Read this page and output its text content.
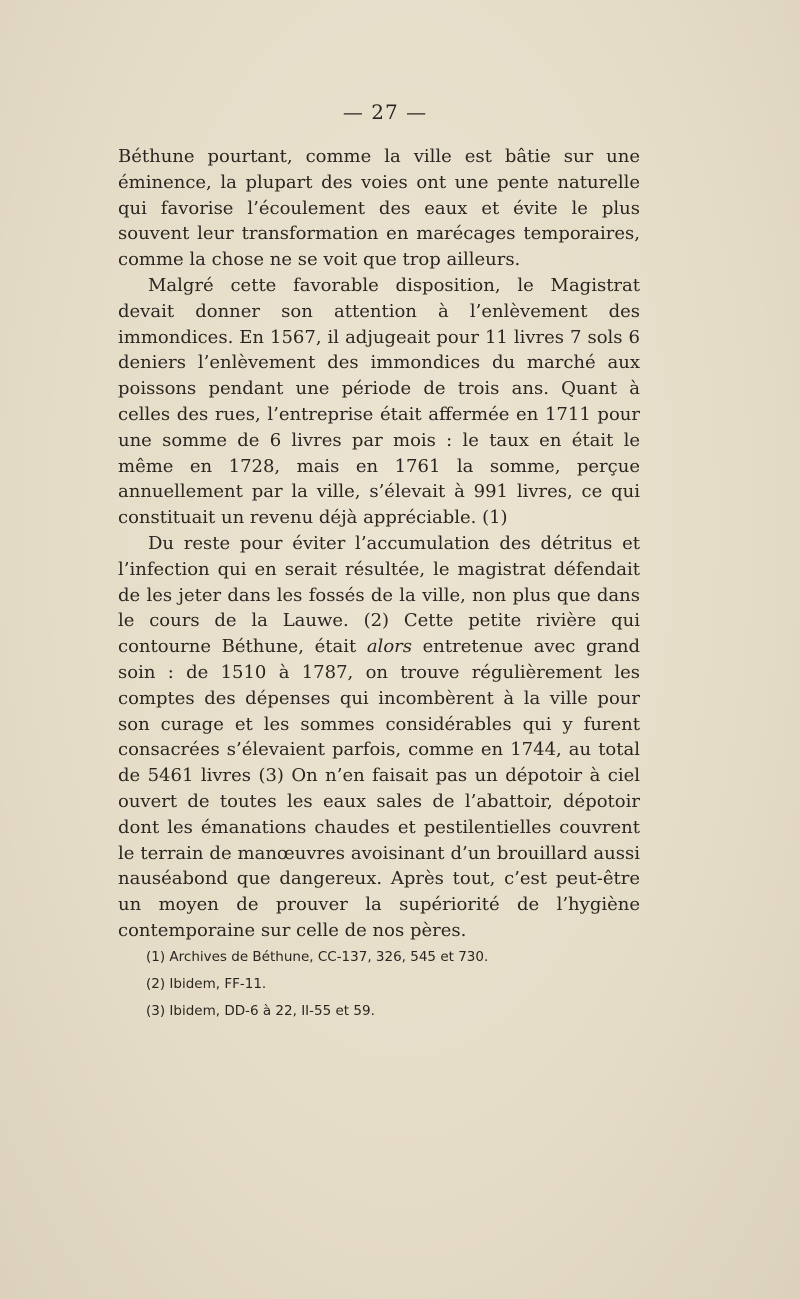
— 27 —

Béthune pourtant, comme la ville est bâtie sur une éminence, la plupart des voies ont une pente naturelle qui favorise l’écoulement des eaux et évite le plus souvent leur transformation en marécages temporaires, comme la chose ne se voit que trop ailleurs.

Malgré cette favorable disposition, le Magistrat devait donner son attention à l’enlèvement des immondices. En 1567, il adjugeait pour 11 livres 7 sols 6 deniers l’enlèvement des immondices du marché aux poissons pendant une période de trois ans. Quant à celles des rues, l’entreprise était affermée en 1711 pour une somme de 6 livres par mois : le taux en était le même en 1728, mais en 1761 la somme, perçue annuellement par la ville, s’élevait à 991 livres, ce qui constituait un revenu déjà appréciable. (1)

Du reste pour éviter l’accumulation des détritus et l’infection qui en serait résultée, le magistrat défendait de les jeter dans les fossés de la ville, non plus que dans le cours de la Lauwe. (2) Cette petite rivière qui contourne Béthune, était alors entretenue avec grand soin : de 1510 à 1787, on trouve régulièrement les comptes des dépenses qui incombèrent à la ville pour son curage et les sommes considérables qui y furent consacrées s’élevaient parfois, comme en 1744, au total de 5461 livres (3) On n’en faisait pas un dépotoir à ciel ouvert de toutes les eaux sales de l’abattoir, dépotoir dont les émanations chaudes et pestilentielles couvrent le terrain de manœuvres avoisinant d’un brouillard aussi nauséabond que dangereux. Après tout, c’est peut-être un moyen de prouver la supériorité de l’hygiène contemporaine sur celle de nos pères.

(1) Archives de Béthune, CC-137, 326, 545 et 730.
(2) Ibidem, FF-11.
(3) Ibidem, DD-6 à 22, II-55 et 59.
